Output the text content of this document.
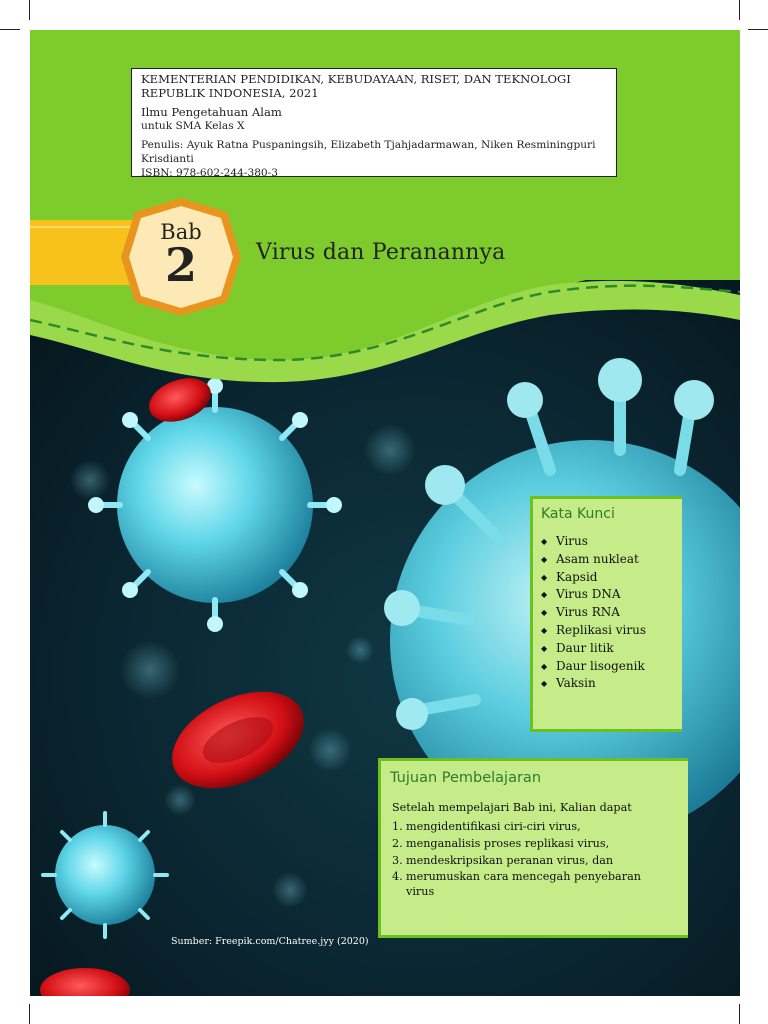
KEMENTERIAN PENDIDIKAN, KEBUDAYAAN, RISET, DAN TEKNOLOGI
REPUBLIK INDONESIA, 2021
Ilmu Pengetahuan Alam
untuk SMA Kelas X
Penulis: Ayuk Ratna Puspaningsih, Elizabeth Tjahjadarmawan, Niken Resminingpuri Krisdianti
ISBN: 978-602-244-380-3
Bab
2	Virus dan Peranannya
Kata Kunci
◆ Virus
◆ Asam nukleat
◆ Kapsid
◆ Virus DNA
◆ Virus RNA
◆ Replikasi virus
◆ Daur litik
◆ Daur lisogenik
◆ Vaksin
Tujuan Pembelajaran
Setelah mempelajari Bab ini, Kalian dapat
1. mengidentifikasi ciri-ciri virus,
2. menganalisis proses replikasi virus,
3. mendeskripsikan peranan virus, dan
4. merumuskan cara mencegah penyebaran virus
Sumber: Freepik.com/Chatree.jyy (2020)
